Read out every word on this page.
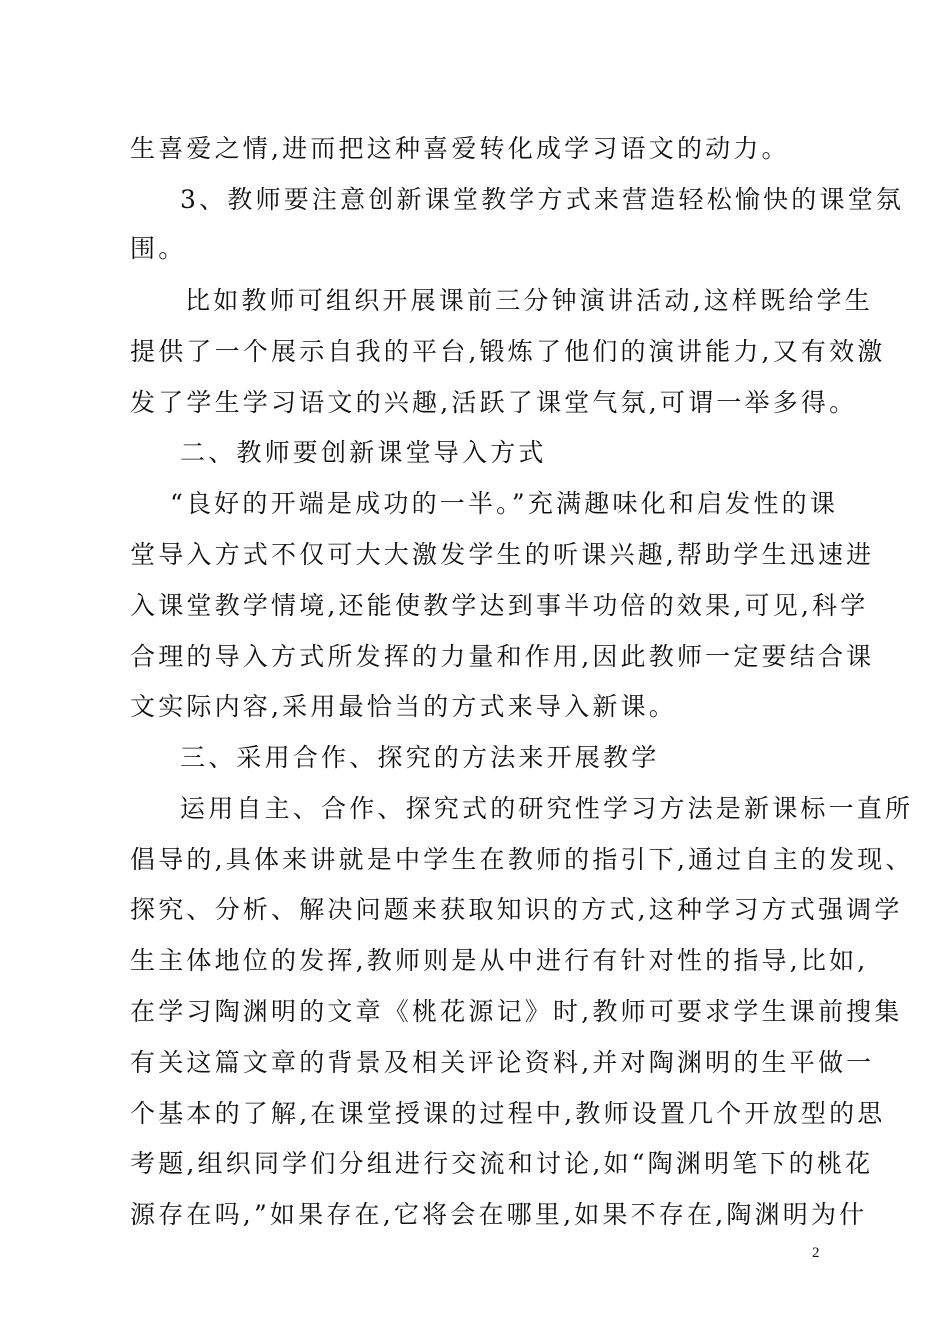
生喜爱之情,进而把这种喜爱转化成学习语文的动力。
3、教师要注意创新课堂教学方式来营造轻松愉快的课堂氛
围。
比如教师可组织开展课前三分钟演讲活动,这样既给学生
提供了一个展示自我的平台,锻炼了他们的演讲能力,又有效激
发了学生学习语文的兴趣,活跃了课堂气氛,可谓一举多得。
二、教师要创新课堂导入方式
“良好的开端是成功的一半。”充满趣味化和启发性的课
堂导入方式不仅可大大激发学生的听课兴趣,帮助学生迅速进
入课堂教学情境,还能使教学达到事半功倍的效果,可见,科学
合理的导入方式所发挥的力量和作用,因此教师一定要结合课
文实际内容,采用最恰当的方式来导入新课。
三、采用合作、探究的方法来开展教学
运用自主、合作、探究式的研究性学习方法是新课标一直所
倡导的,具体来讲就是中学生在教师的指引下,通过自主的发现、
探究、分析、解决问题来获取知识的方式,这种学习方式强调学
生主体地位的发挥,教师则是从中进行有针对性的指导,比如,
在学习陶渊明的文章《桃花源记》时,教师可要求学生课前搜集
有关这篇文章的背景及相关评论资料,并对陶渊明的生平做一
个基本的了解,在课堂授课的过程中,教师设置几个开放型的思
考题,组织同学们分组进行交流和讨论,如“陶渊明笔下的桃花
源存在吗,”如果存在,它将会在哪里,如果不存在,陶渊明为什
2
